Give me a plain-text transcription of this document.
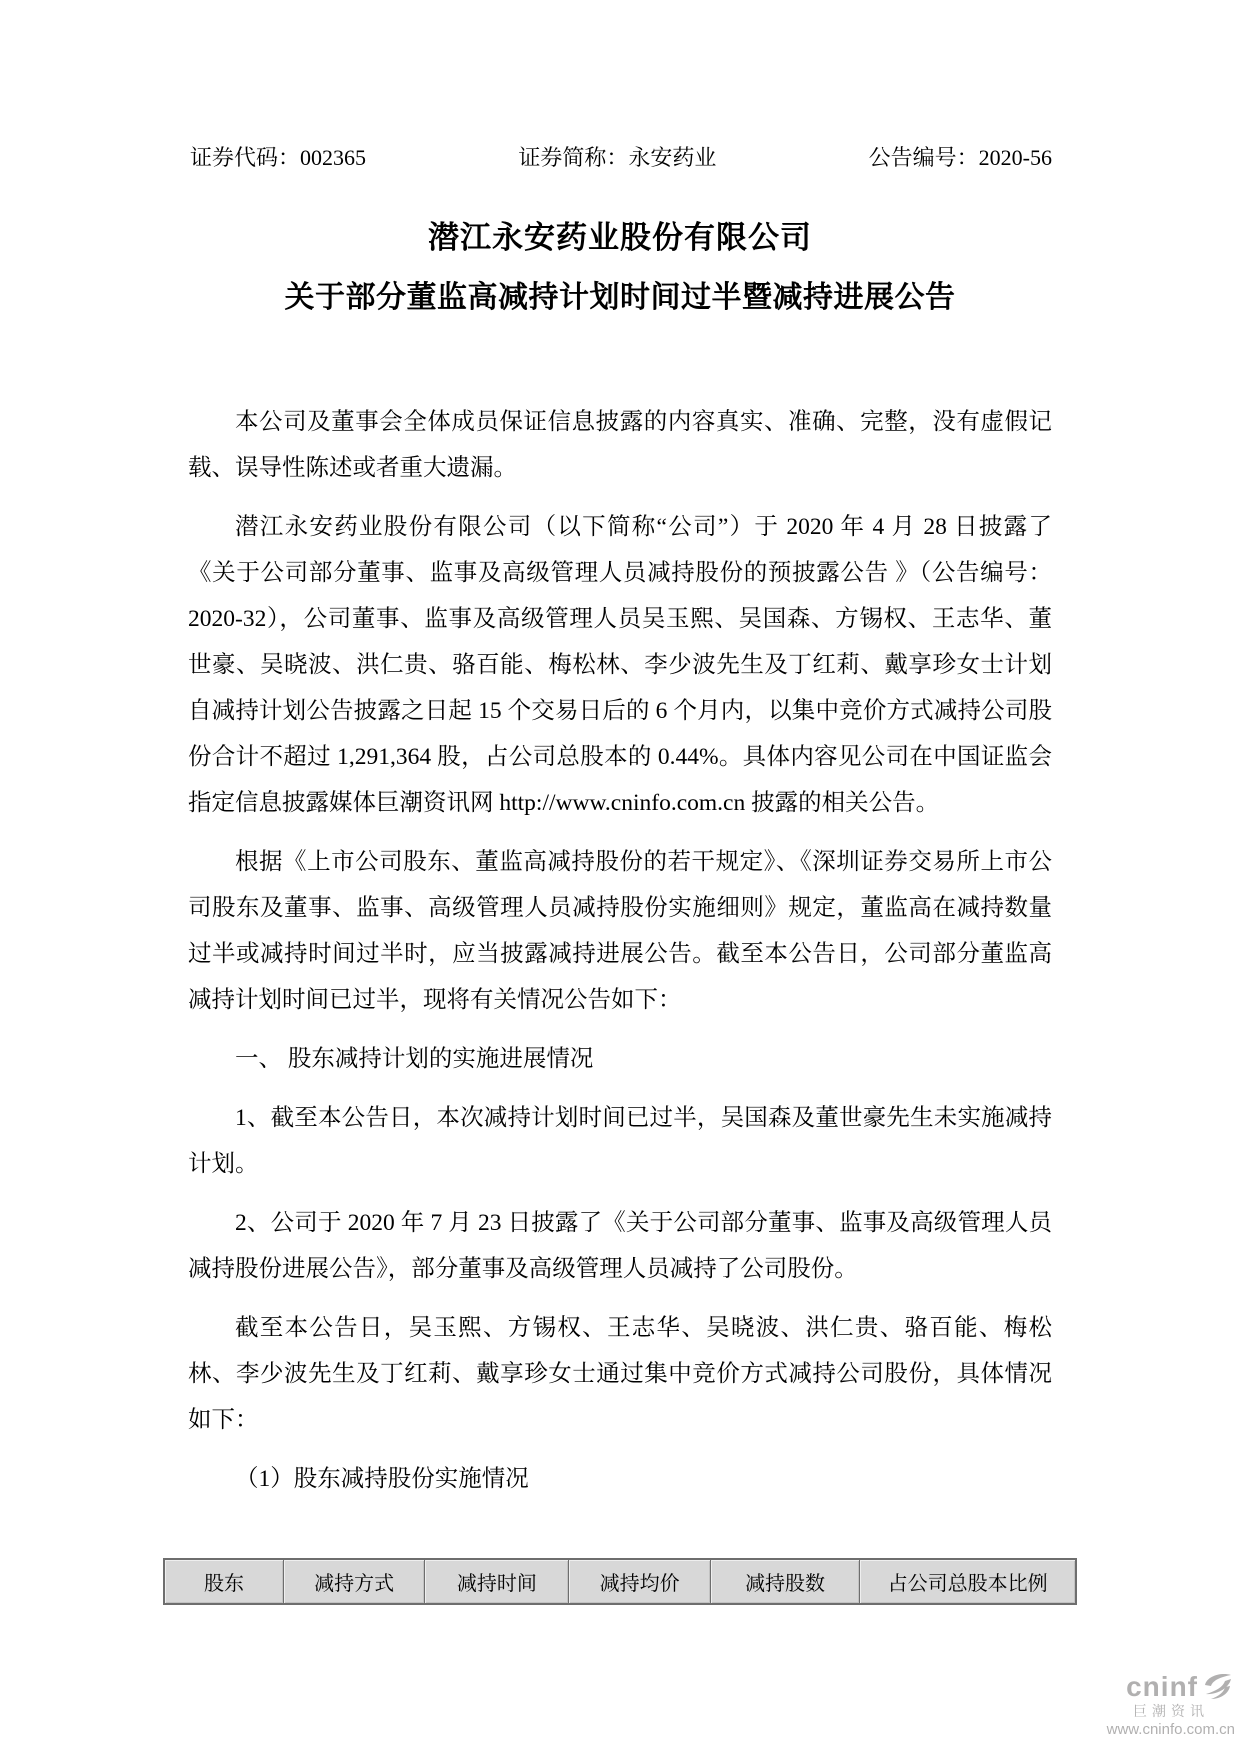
证券代码：002365	证券简称：永安药业	公告编号：2020-56
潜江永安药业股份有限公司
关于部分董监高减持计划时间过半暨减持进展公告

本公司及董事会全体成员保证信息披露的内容真实、准确、完整，没有虚假记载、误导性陈述或者重大遗漏。

潜江永安药业股份有限公司（以下简称“公司”）于 2020 年 4 月 28 日披露了《关于公司部分董事、监事及高级管理人员减持股份的预披露公告 》（公告编号：2020-32），公司董事、监事及高级管理人员吴玉熙、吴国森、方锡权、王志华、董世豪、吴晓波、洪仁贵、骆百能、梅松林、李少波先生及丁红莉、戴享珍女士计划自减持计划公告披露之日起 15 个交易日后的 6 个月内，以集中竞价方式减持公司股份合计不超过 1,291,364 股，占公司总股本的 0.44%。具体内容见公司在中国证监会指定信息披露媒体巨潮资讯网 http://www.cninfo.com.cn 披露的相关公告。

根据《上市公司股东、董监高减持股份的若干规定》、《深圳证券交易所上市公司股东及董事、监事、高级管理人员减持股份实施细则》规定，董监高在减持数量过半或减持时间过半时，应当披露减持进展公告。截至本公告日，公司部分董监高减持计划时间已过半，现将有关情况公告如下：

一、 股东减持计划的实施进展情况

1、截至本公告日，本次减持计划时间已过半，吴国森及董世豪先生未实施减持计划。

2、公司于 2020 年 7 月 23 日披露了《关于公司部分董事、监事及高级管理人员减持股份进展公告》，部分董事及高级管理人员减持了公司股份。

截至本公告日，吴玉熙、方锡权、王志华、吴晓波、洪仁贵、骆百能、梅松林、李少波先生及丁红莉、戴享珍女士通过集中竞价方式减持公司股份，具体情况如下：

（1）股东减持股份实施情况

股东	减持方式	减持时间	减持均价	减持股数	占公司总股本比例
cninf
巨潮资讯
www.cninfo.com.cn
